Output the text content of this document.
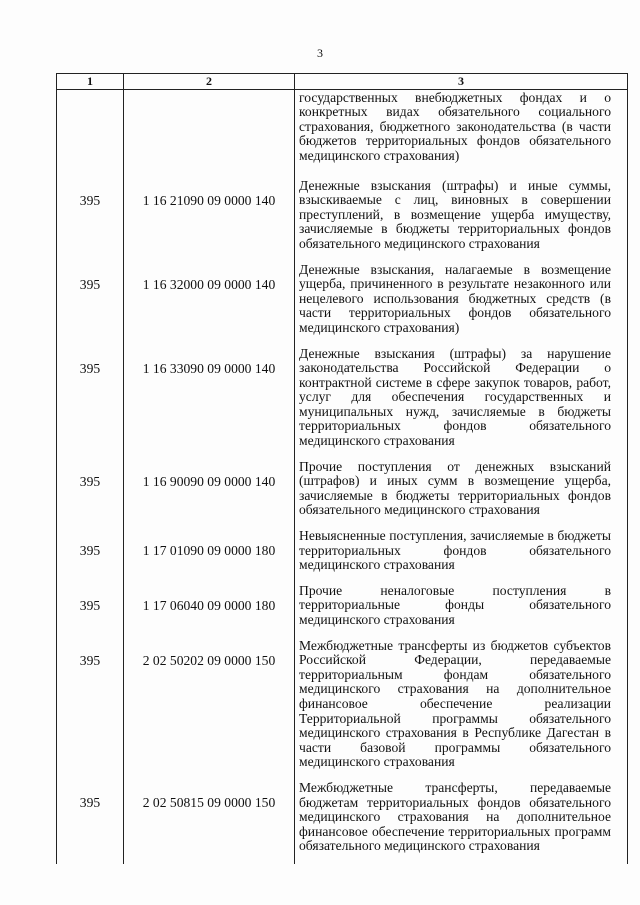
3
1	2	3

		государственных внебюджетных фондах и о конкретных видах обязательного социального страхования, бюджетного законодательства (в части бюджетов территориальных фондов обязательного медицинского страхования)

395	1 16 21090 09 0000 140	Денежные взыскания (штрафы) и иные суммы, взыскиваемые с лиц, виновных в совершении преступлений, в возмещение ущерба имуществу, зачисляемые в бюджеты территориальных фондов обязательного медицинского страхования

395	1 16 32000 09 0000 140	Денежные взыскания, налагаемые в возмещение ущерба, причиненного в результате незаконного или нецелевого использования бюджетных средств (в части территориальных фондов обязательного медицинского страхования)

395	1 16 33090 09 0000 140	Денежные взыскания (штрафы) за нарушение законодательства Российской Федерации о контрактной системе в сфере закупок товаров, работ, услуг для обеспечения государственных и муниципальных нужд, зачисляемые в бюджеты территориальных фондов обязательного медицинского страхования

395	1 16 90090 09 0000 140	Прочие поступления от денежных взысканий (штрафов) и иных сумм в возмещение ущерба, зачисляемые в бюджеты территориальных фондов обязательного медицинского страхования

395	1 17 01090 09 0000 180	Невыясненные поступления, зачисляемые в бюджеты территориальных фондов обязательного медицинского страхования

395	1 17 06040 09 0000 180	Прочие неналоговые поступления в территориальные фонды обязательного медицинского страхования

395	2 02 50202 09 0000 150	Межбюджетные трансферты из бюджетов субъектов Российской Федерации, передаваемые территориальным фондам обязательного медицинского страхования на дополнительное финансовое обеспечение реализации Территориальной программы обязательного медицинского страхования в Республике Дагестан в части базовой программы обязательного медицинского страхования

395	2 02 50815 09 0000 150	Межбюджетные трансферты, передаваемые бюджетам территориальных фондов обязательного медицинского страхования на дополнительное финансовое обеспечение территориальных программ обязательного медицинского страхования
